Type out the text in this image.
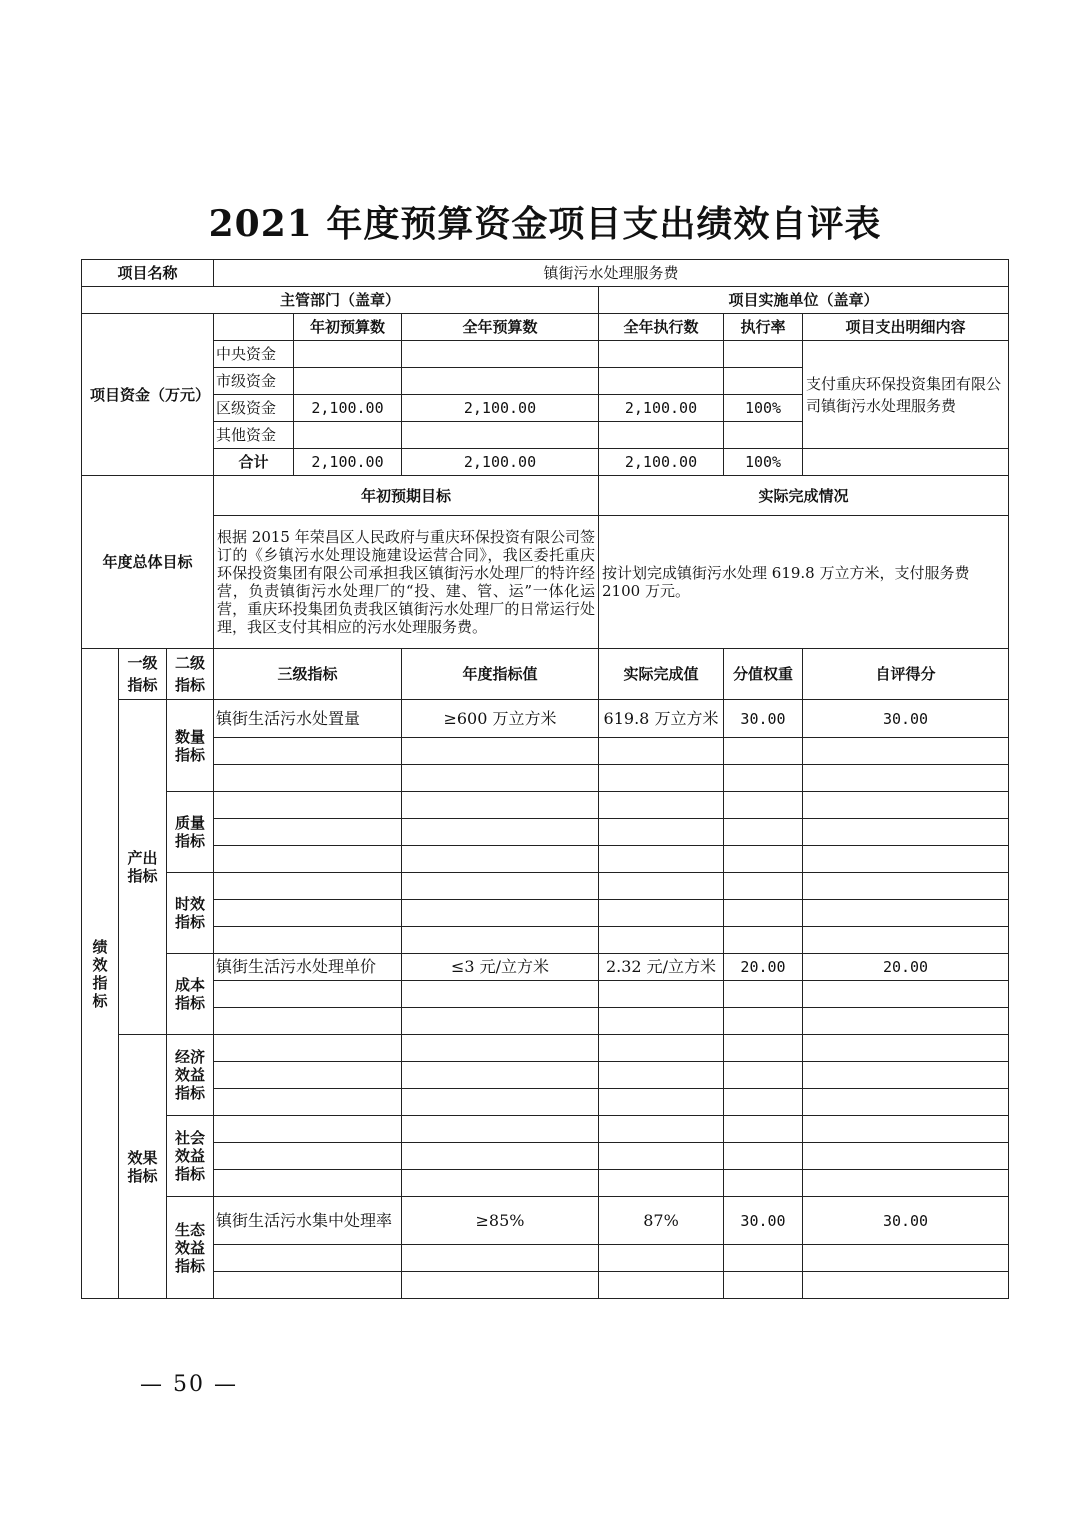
2021 年度预算资金项目支出绩效自评表
项目名称			镇街污水处理服务费					
主管部门（盖章）						项目实施单位（盖章）		
项目资金（万元）				年初预算数	全年预算数	全年执行数	执行率	项目支出明细内容
			中央资金					支付重庆环保投资集团有限公司镇街污水处理服务费
			市级资金					
			区级资金	2,100.00	2,100.00	2,100.00	100%	
			其他资金					
			合计	2,100.00	2,100.00	2,100.00	100%	
年度总体目标			年初预期目标			实际完成情况		
			根据 2015 年荣昌区人民政府与重庆环保投资有限公司签订的《乡镇污水处理设施建设运营合同》，我区委托重庆环保投资集团有限公司承担我区镇街污水处理厂的特许经营，负责镇街污水处理厂的“投、建、管、运”一体化运营，重庆环投集团负责我区镇街污水处理厂的日常运行处理，我区支付其相应的污水处理服务费。			按计划完成镇街污水处理 619.8 万立方米，支付服务费 2100 万元。		
绩效指标	一级指标	二级指标	三级指标		年度指标值	实际完成值	分值权重	自评得分
	产出指标	数量指标	镇街生活污水处置量		≥600 万立方米	619.8 万立方米	30.00	30.00

		质量指标						

		时效指标						

		成本指标	镇街生活污水处理单价		≤3 元/立方米	2.32 元/立方米	20.00	20.00

	效果指标	经济效益指标						

		社会效益指标						

		生态效益指标	镇街生活污水集中处理率		≥85%	87%	30.00	30.00

— 50 —
